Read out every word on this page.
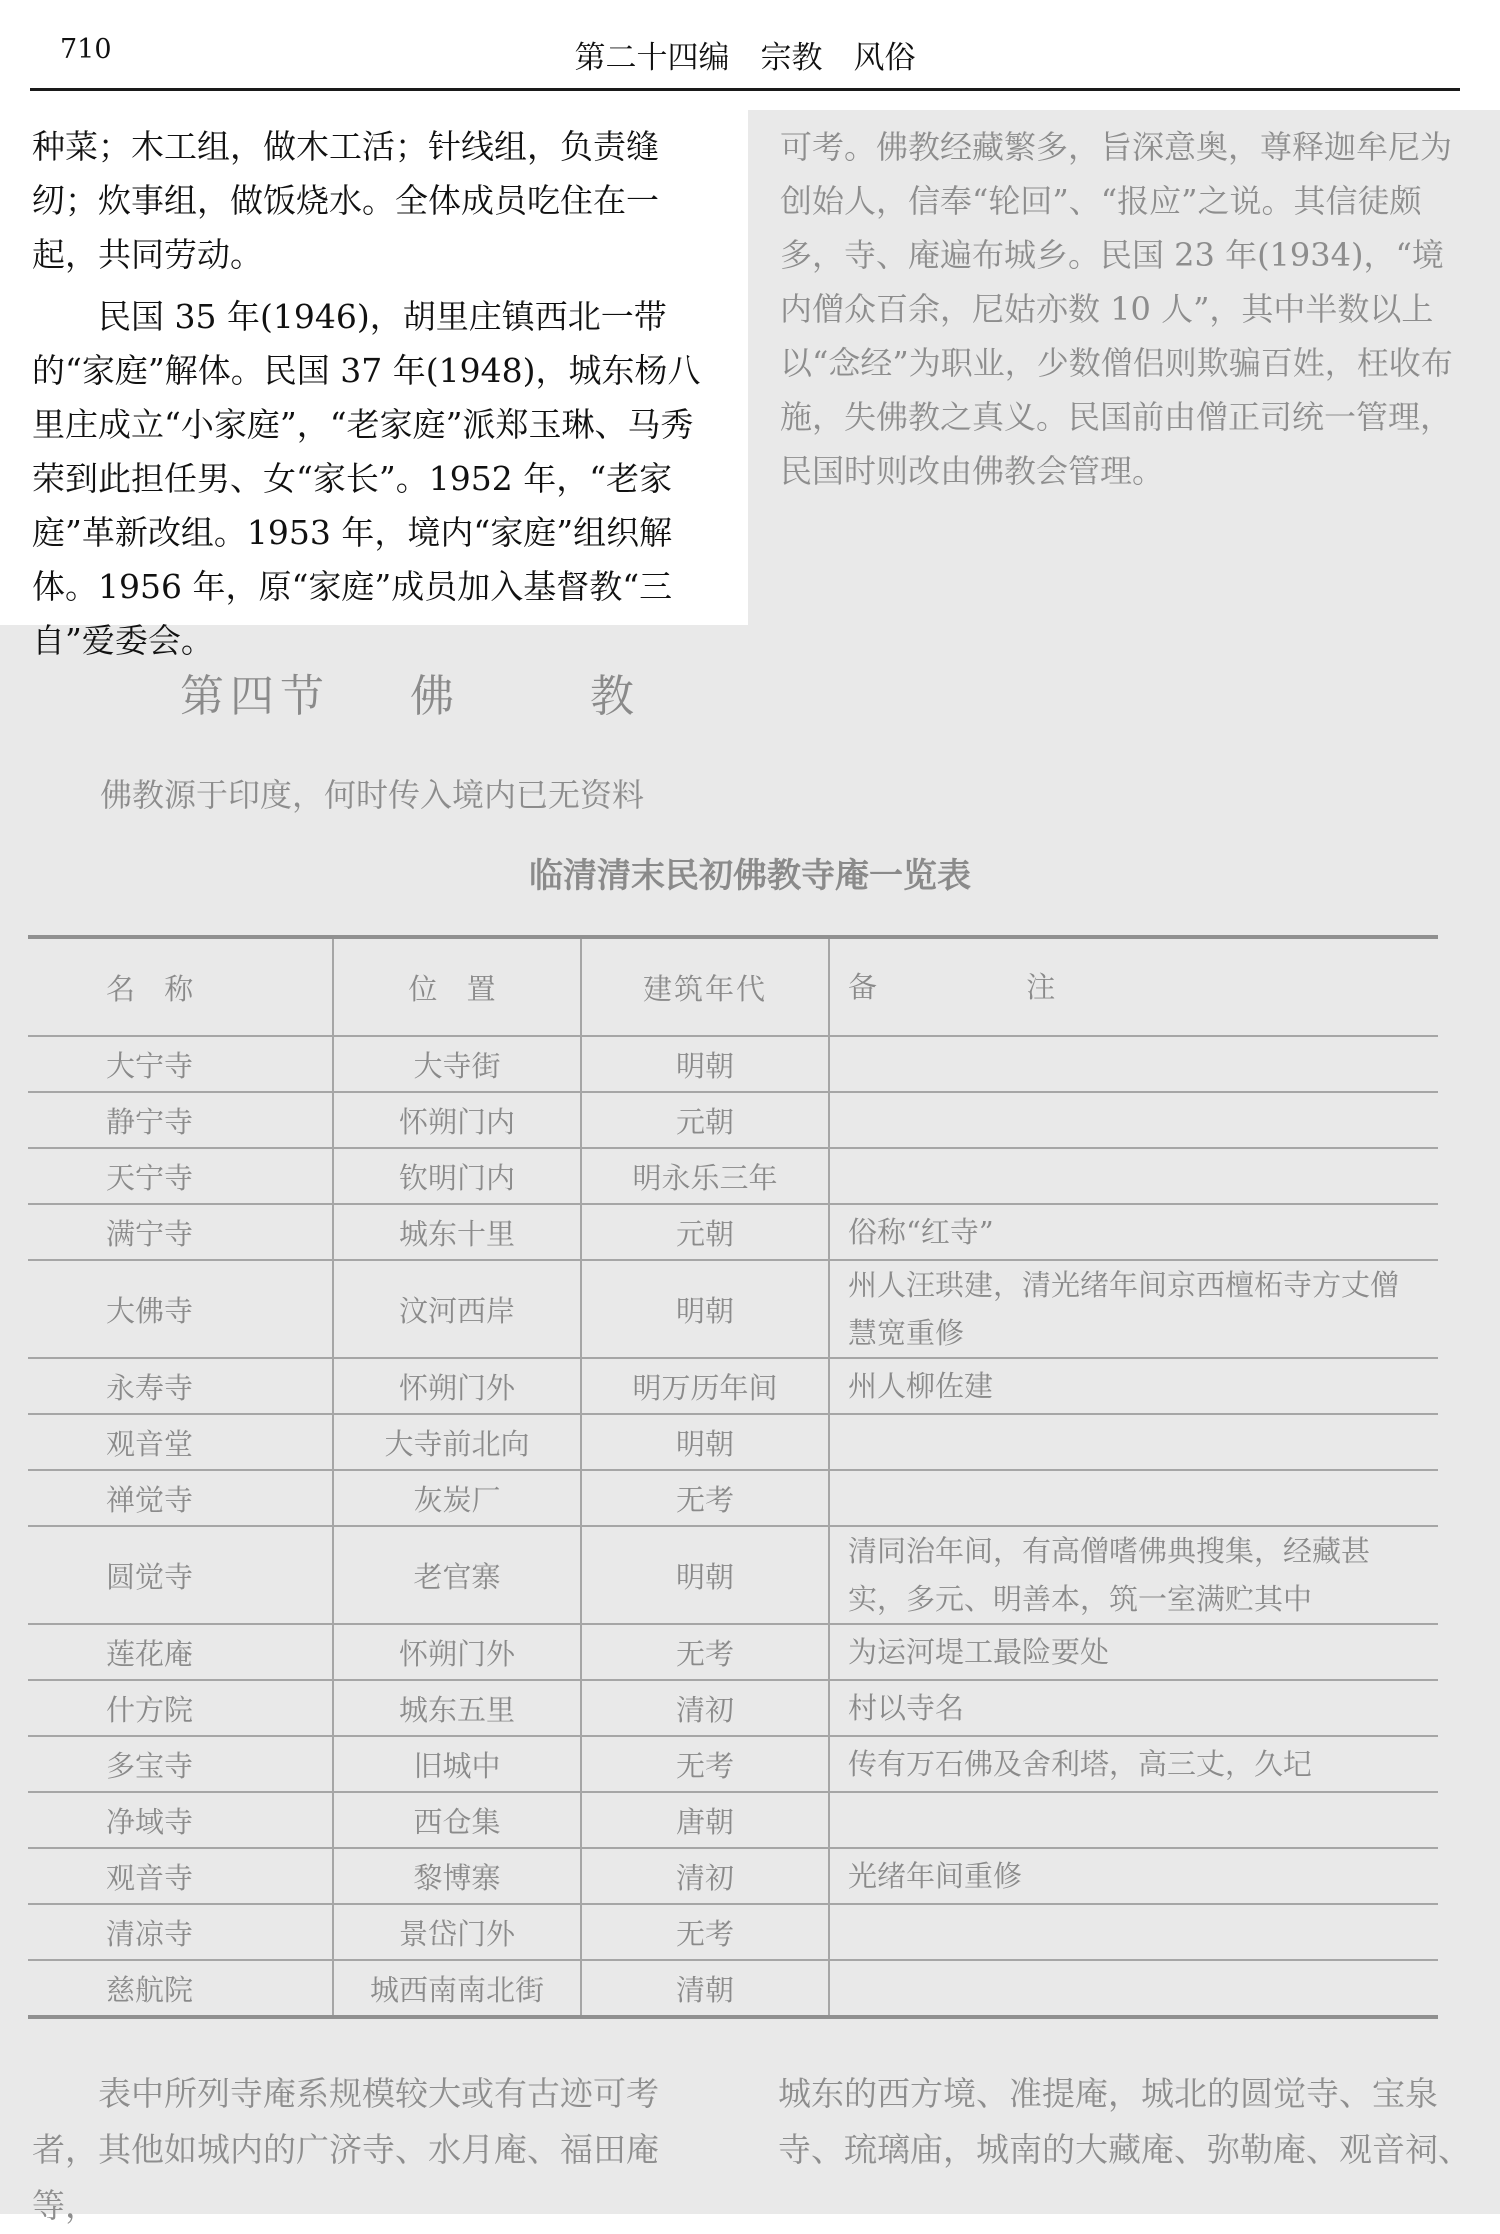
710	第二十四编　宗教　风俗

种菜；木工组，做木工活；针线组，负责缝纫；炊事组，做饭烧水。全体成员吃住在一起，共同劳动。

民国 35 年(1946)，胡里庄镇西北一带的“家庭”解体。民国 37 年(1948)，城东杨八里庄成立“小家庭”，“老家庭”派郑玉琳、马秀荣到此担任男、女“家长”。1952 年，“老家庭”革新改组。1953 年，境内“家庭”组织解体。1956 年，原“家庭”成员加入基督教“三自”爱委会。

可考。佛教经藏繁多，旨深意奥，尊释迦牟尼为创始人，信奉“轮回”、“报应”之说。其信徒颇多，寺、庵遍布城乡。民国 23 年(1934)，“境内僧众百余，尼姑亦数 10 人”，其中半数以上以“念经”为职业，少数僧侣则欺骗百姓，枉收布施，失佛教之真义。民国前由僧正司统一管理，民国时则改由佛教会管理。
第四节 佛	教
佛教源于印度，何时传入境内已无资料
临清清末民初佛教寺庵一览表
名 称	位 置	建筑年代	备 注
大宁寺	大寺街	明朝	
静宁寺	怀朔门内	元朝	
天宁寺	钦明门内	明永乐三年	
满宁寺	城东十里	元朝	俗称“红寺”
大佛寺	汶河西岸	明朝	州人汪珙建，清光绪年间京西檀柘寺方丈僧慧宽重修
永寿寺	怀朔门外	明万历年间	州人柳佐建
观音堂	大寺前北向	明朝	
禅觉寺	灰炭厂	无考	
圆觉寺	老官寨	明朝	清同治年间，有高僧嗜佛典搜集，经藏甚实，多元、明善本，筑一室满贮其中
莲花庵	怀朔门外	无考	为运河堤工最险要处
什方院	城东五里	清初	村以寺名
多宝寺	旧城中	无考	传有万石佛及舍利塔，高三丈，久圮
净域寺	西仓集	唐朝	
观音寺	黎博寨	清初	光绪年间重修
清凉寺	景岱门外	无考	
慈航院	城西南南北街	清朝	

表中所列寺庵系规模较大或有古迹可考者，其他如城内的广济寺、水月庵、福田庵等，

城东的西方境、准提庵，城北的圆觉寺、宝泉寺、琉璃庙，城南的大藏庵、弥勒庵、观音祠、
